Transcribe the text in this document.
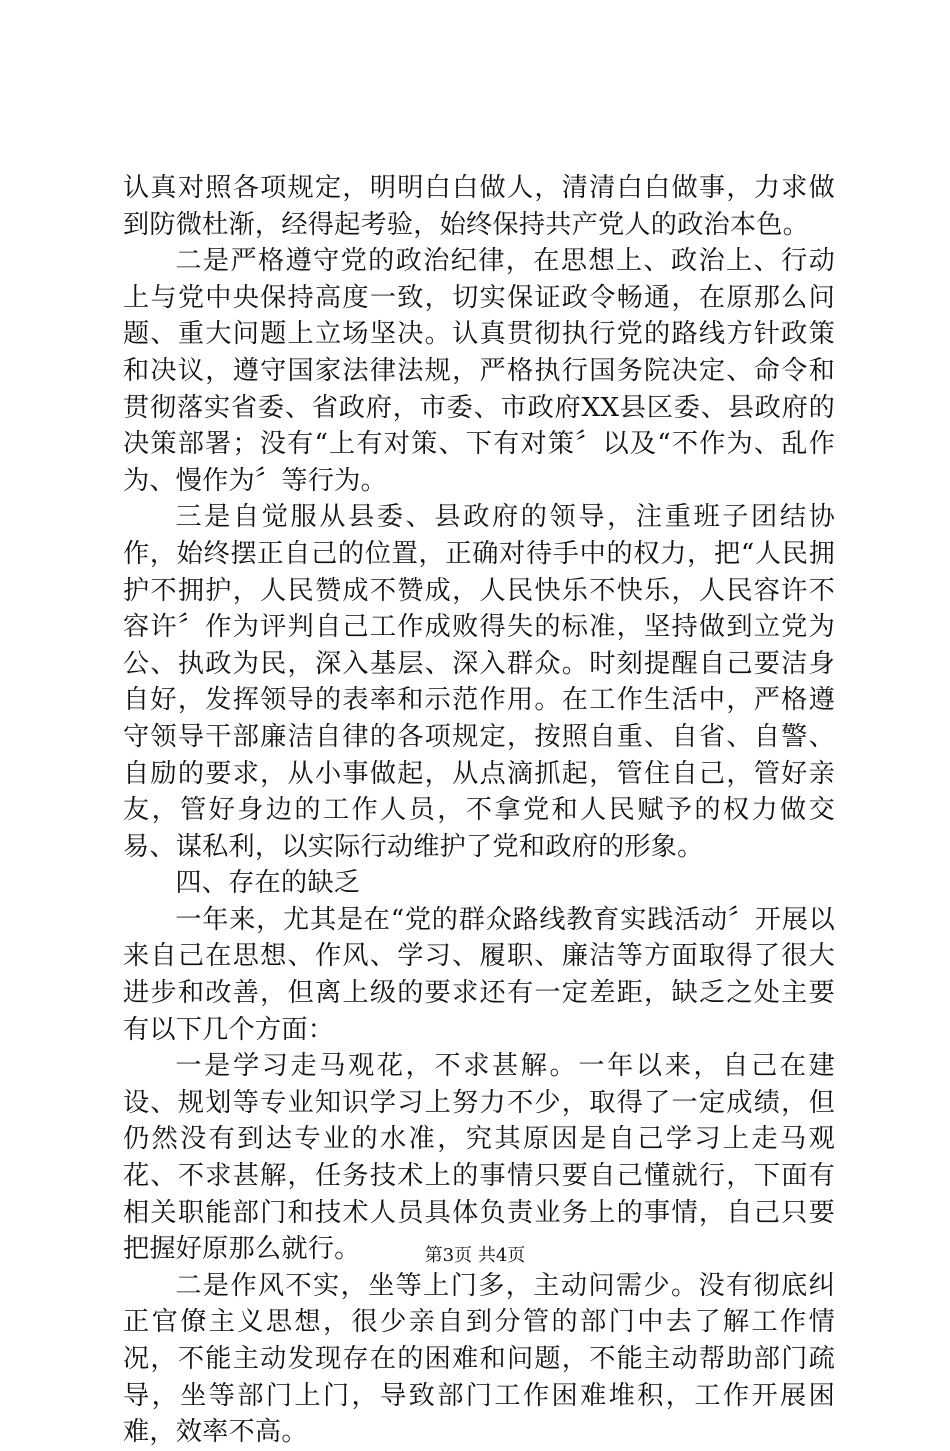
认真对照各项规定，明明白白做人，清清白白做事，力求做到防微杜渐，经得起考验，始终保持共产党人的政治本色。

二是严格遵守党的政治纪律，在思想上、政治上、行动上与党中央保持高度一致，切实保证政令畅通，在原那么问题、重大问题上立场坚决。认真贯彻执行党的路线方针政策和决议，遵守国家法律法规，严格执行国务院决定、命令和贯彻落实省委、省政府，市委、市政府XX县区委、县政府的决策部署；没有“上有对策、下有对策〞以及“不作为、乱作为、慢作为〞等行为。

三是自觉服从县委、县政府的领导，注重班子团结协作，始终摆正自己的位置，正确对待手中的权力，把“人民拥护不拥护，人民赞成不赞成，人民快乐不快乐，人民容许不容许〞作为评判自己工作成败得失的标准，坚持做到立党为公、执政为民，深入基层、深入群众。时刻提醒自己要洁身自好，发挥领导的表率和示范作用。在工作生活中，严格遵守领导干部廉洁自律的各项规定，按照自重、自省、自警、自励的要求，从小事做起，从点滴抓起，管住自己，管好亲友，管好身边的工作人员，不拿党和人民赋予的权力做交易、谋私利，以实际行动维护了党和政府的形象。

四、存在的缺乏

一年来，尤其是在“党的群众路线教育实践活动〞开展以来自己在思想、作风、学习、履职、廉洁等方面取得了很大进步和改善，但离上级的要求还有一定差距，缺乏之处主要有以下几个方面：

一是学习走马观花，不求甚解。一年以来，自己在建设、规划等专业知识学习上努力不少，取得了一定成绩，但仍然没有到达专业的水准，究其原因是自己学习上走马观花、不求甚解，任务技术上的事情只要自己懂就行，下面有相关职能部门和技术人员具体负责业务上的事情，自己只要把握好原那么就行。

二是作风不实，坐等上门多，主动问需少。没有彻底纠正官僚主义思想，很少亲自到分管的部门中去了解工作情况，不能主动发现存在的困难和问题，不能主动帮助部门疏导，坐等部门上门，导致部门工作困难堆积，工作开展困难，效率不高。

第3页 共4页
